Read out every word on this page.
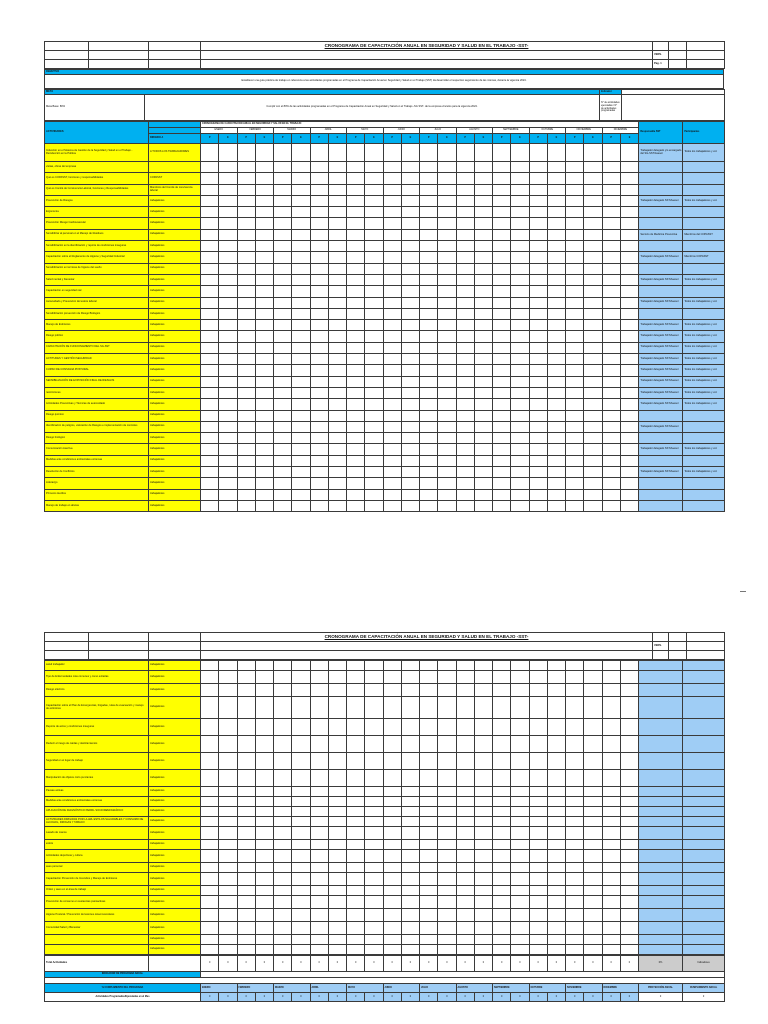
			CRONOGRAMA DE CAPACITACIÓN ANUAL EN SEGURIDAD Y SALUD EN EL TRABAJO -SST-			
				VERS.		
				Pag. 1		
OBJETIVO
Establecer una guía práctica de trabajo en referencia a las actividades programadas en el Programa de Capacitación Anual en Seguridad y Salud en el Trabajo (SST) da desarrollar el respectivo seguimiento de las mismas, durante la vigencia 2024.
META		Indicador	
Meta Base: 80%	Cumplir con el 80% de las actividades programadas en el Programa de Capacitación Anual en Seguridad y Salud en el Trabajo -SG SST- de la empresa vinculos para la vigencia 2024.	N° de actividades ejecutadas / N° de actividades programadas	
ACTIVIDADES		CRONOGRAMA DE CAPACITACIÓN ANUAL EN SEGURIDAD Y SALUD EN EL TRABAJO																								Responsable SST	Participantes
		ENERO		FEBRERO		MARZO		ABRIL		MAYO		JUNIO		JULIO		AGOSTO		SEPTIEMBRE		OCTUBRE		NOVIEMBRE		DICIEMBRE			
	DIRIGIDO A	P	E	P	E	P	E	P	E	P	E	P	E	P	E	P	E	P	E	P	E	P	E	P	E		
Inducción en el Sistema de Gestión de la Seguridad y Salud en el Trabajo - Reinducción en la Política	A TODOS LOS TRABAJADORES																									Trabajador delegado y/o encargado del SG-SST/Asesor	Todos los trabajadores y vol.
visitas, obras del empresa																											
Qué es COPASST, funciones y responsabilidades	COPASST																										
Qué es Comité de Convivencia Laboral, funciones y Responsabilidades	Miembros del Comité de convivencia laboral																										
Prevención de Riesgos	trabajadores																									Trabajador delegado SST/Asesor	Todos los trabajadores y vol.
Ergonomía	trabajadores																										
Prevención Riesgo Cardiovascular	trabajadores																										
Sensibilizar al personal en el Manejo de Residuos	trabajadores																									Servicio de Medicina Preventiva	Miembros del COPASST
Sensibilización en la identificación y reporte de condiciones inseguras	trabajadores																										
Capacitación sobre el Reglamento de Higiene y Seguridad Industrial	trabajadores																									Trabajador delegado SST/Asesor	Miembros COPASST
Sensibilización en técnicas de higiene del sueño	trabajadores																										
Salud mental y bienestar	trabajadores																									Trabajador delegado SST/Asesor	Todos los trabajadores y vol.
Capacitación en seguridad vial	trabajadores																										
Autocuidado y Prevención del estrés laboral	trabajadores																									Trabajador delegado SST/Asesor	Todos los trabajadores y vol.
Sensibilización prevención de Riesgo Biológico	trabajadores																										
Manejo de Extintores	trabajadores																									Trabajador delegado SST/Asesor	Todos los trabajadores y vol.
Riesgo público	trabajadores																									Trabajador delegado SST/Asesor	Todos los trabajadores y vol.
CAPACITACIÓN DE FUNCIONAMIENTO DEL SG-SST	trabajadores																									Trabajador delegado SST/Asesor	Todos los trabajadores y vol.
ACTITUDES Y GESTIÓN SEGURIDAD	trabajadores																									Trabajador delegado SST/Asesor	Todos los trabajadores y vol.
CURSO DE CONSIGNA POSTURAL	trabajadores																									Trabajador delegado SST/Asesor	Todos los trabajadores y vol.
SENSIBILIZACIÓN DE EXPOSICIÓN FINAL DE RIESGOS	trabajadores																									Trabajador delegado SST/Asesor	Todos los trabajadores y vol.
restricciones	trabajadores																									Trabajador delegado SST/Asesor	Todos los trabajadores y vol.
Actividades Preventivas y Técnicas de autocuidado	trabajadores																									Trabajador delegado SST/Asesor	Todos los trabajadores y vol.
Riesgo químico	trabajadores																										
Identificación de peligros, valoración de Riesgos e implementación de controles	trabajadores																									Trabajador delegado SST/Asesor	
Riesgo biológico	trabajadores																										
Comunicación Asertiva	trabajadores																									Trabajador delegado SST/Asesor	Todos los trabajadores y vol.
Medidas ante condiciones ambientales extremas	trabajadores																										
Resolución de Conflictos	trabajadores																									Trabajador delegado SST/Asesor	Todos los trabajadores y vol.
Liderazgo	trabajadores																										
Primeros Auxilios	trabajadores																										
Manejo de trabajo en alturas	trabajadores																										
			CRONOGRAMA DE CAPACITACIÓN ANUAL EN SEGURIDAD Y SALUD EN EL TRABAJO -SST-			
				VERS.		

salud trabajador	trabajadores																										
Tipo de Enfermedades más comunes y como evitarlas	trabajadores																										
Riesgo eléctrico	trabajadores																										
Capacitación sobre el Plan de Emergencias, brigadas, rutas de evacuación y manejo de extintores	trabajadores																										
Reporte de actos y condiciones inseguras	trabajadores																										
Reducir el riesgo de caídas y deslizamientos	trabajadores																										
Seguridad en el lugar de trabajo	trabajadores																										
Manipulación de objetos corto punzantes	trabajadores																										
Pausas activas	trabajadores																										
Medidas ante condiciones ambientales extremas	trabajadores																										
APLICACIÓN DE DIAGNÓSTICO PERFIL SOCIODEMOGRÁFICO	trabajadores																										
ACTIVIDADES DIRIGIDAS POR LA ARL ESTILOS SALUDABLES Y CONSUMO DE ALCOHOL, DROGAS Y TABACO	trabajadores																										
Lavado de manos	trabajadores																										
estrés	trabajadores																										
Actividades deportivas y cultura	trabajadores																										
aseo personal	trabajadores																										
Capacitación Prevención de Incendios y Manejo de Extintores	trabajadores																										
Orden y aseo en el área de trabajo	trabajadores																										
Prevención de consumo en sustancias psicoactivas	trabajadores																										
Higiene Postural / Prevención de lesiones osteomusculares	trabajadores																										
Comunidad Salud y Bienestar	trabajadores																										
	trabajadores																										
	trabajadores																										
Total Actividades		0	0	0	0	0	0	0	0	0	0	0	0	0	0	0	0	0	0	0	0	0	0	0	0	0%	Indicadores
INDICADOR DE PROGRAMA ANUAL																											

% CUMPLIMIENTO DEL PROGRAMA		ENERO		FEBRERO		MARZO		ABRIL		MAYO		JUNIO		JULIO		AGOSTO		SEPTIEMBRE		OCTUBRE		NOVIEMBRE		DICIEMBRE		PROYECCIÓN ANUAL	CUMPLIMIENTO ANUAL
Actividades Programadas/Ejecutadas en el Mes		0	0	0	0	0	0	0	0	0	0	0	0	0	0	0	0	0	0	0	0	0	0	0	0	0	0
